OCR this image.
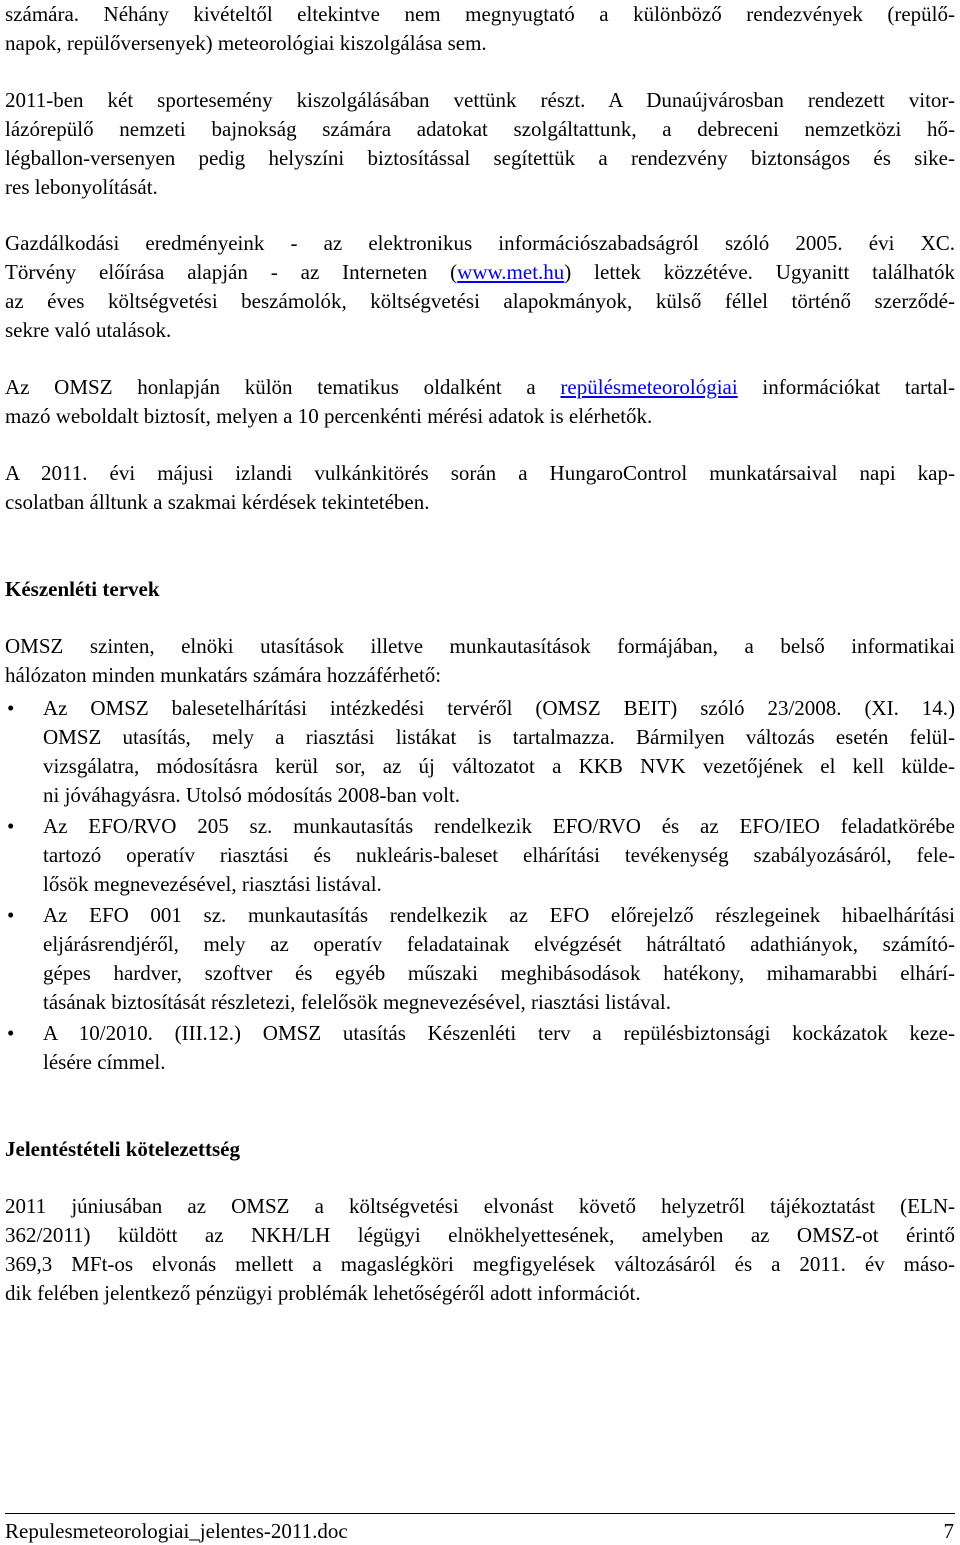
számára. Néhány kivételtől eltekintve nem megnyugtató a különböző rendezvények (repülő-
napok, repülőversenyek) meteorológiai kiszolgálása sem.
2011-ben két sportesemény kiszolgálásában vettünk részt. A Dunaújvárosban rendezett vitor-
lázórepülő nemzeti bajnokság számára adatokat szolgáltattunk, a debreceni nemzetközi hő-
légballon-versenyen pedig helyszíni biztosítással segítettük a rendezvény biztonságos és sike-
res lebonyolítását.
Gazdálkodási eredményeink - az elektronikus információszabadságról szóló 2005. évi XC.
Törvény előírása alapján - az Interneten (www.met.hu) lettek közzétéve. Ugyanitt találhatók
az éves költségvetési beszámolók, költségvetési alapokmányok, külső féllel történő szerződé-
sekre való utalások.
Az OMSZ honlapján külön tematikus oldalként a repülésmeteorológiai információkat tartal-
mazó weboldalt biztosít, melyen a 10 percenkénti mérési adatok is elérhetők.
A 2011. évi májusi izlandi vulkánkitörés során a HungaroControl munkatársaival napi kap-
csolatban álltunk a szakmai kérdések tekintetében.
Készenléti tervek
OMSZ szinten, elnöki utasítások illetve munkautasítások formájában, a belső informatikai
hálózaton minden munkatárs számára hozzáférhető:
• Az OMSZ balesetelhárítási intézkedési tervéről (OMSZ BEIT) szóló 23/2008. (XI. 14.)
OMSZ utasítás, mely a riasztási listákat is tartalmazza. Bármilyen változás esetén felül-
vizsgálatra, módosításra kerül sor, az új változatot a KKB NVK vezetőjének el kell külde-
ni jóváhagyásra. Utolsó módosítás 2008-ban volt.
• Az EFO/RVO 205 sz. munkautasítás rendelkezik EFO/RVO és az EFO/IEO feladatkörébe
tartozó operatív riasztási és nukleáris-baleset elhárítási tevékenység szabályozásáról, fele-
lősök megnevezésével, riasztási listával.
• Az EFO 001 sz. munkautasítás rendelkezik az EFO előrejelző részlegeinek hibaelhárítási
eljárásrendjéről, mely az operatív feladatainak elvégzését hátráltató adathiányok, számító-
gépes hardver, szoftver és egyéb műszaki meghibásodások hatékony, mihamarabbi elhárí-
tásának biztosítását részletezi, felelősök megnevezésével, riasztási listával.
• A 10/2010. (III.12.) OMSZ utasítás Készenléti terv a repülésbiztonsági kockázatok keze-
lésére címmel.
Jelentéstételi kötelezettség
2011 júniusában az OMSZ a költségvetési elvonást követő helyzetről tájékoztatást (ELN-
362/2011) küldött az NKH/LH légügyi elnökhelyettesének, amelyben az OMSZ-ot érintő
369,3 MFt-os elvonás mellett a magaslégköri megfigyelések változásáról és a 2011. év máso-
dik felében jelentkező pénzügyi problémák lehetőségéről adott információt.
Repulesmeteorologiai_jelentes-2011.doc	7
